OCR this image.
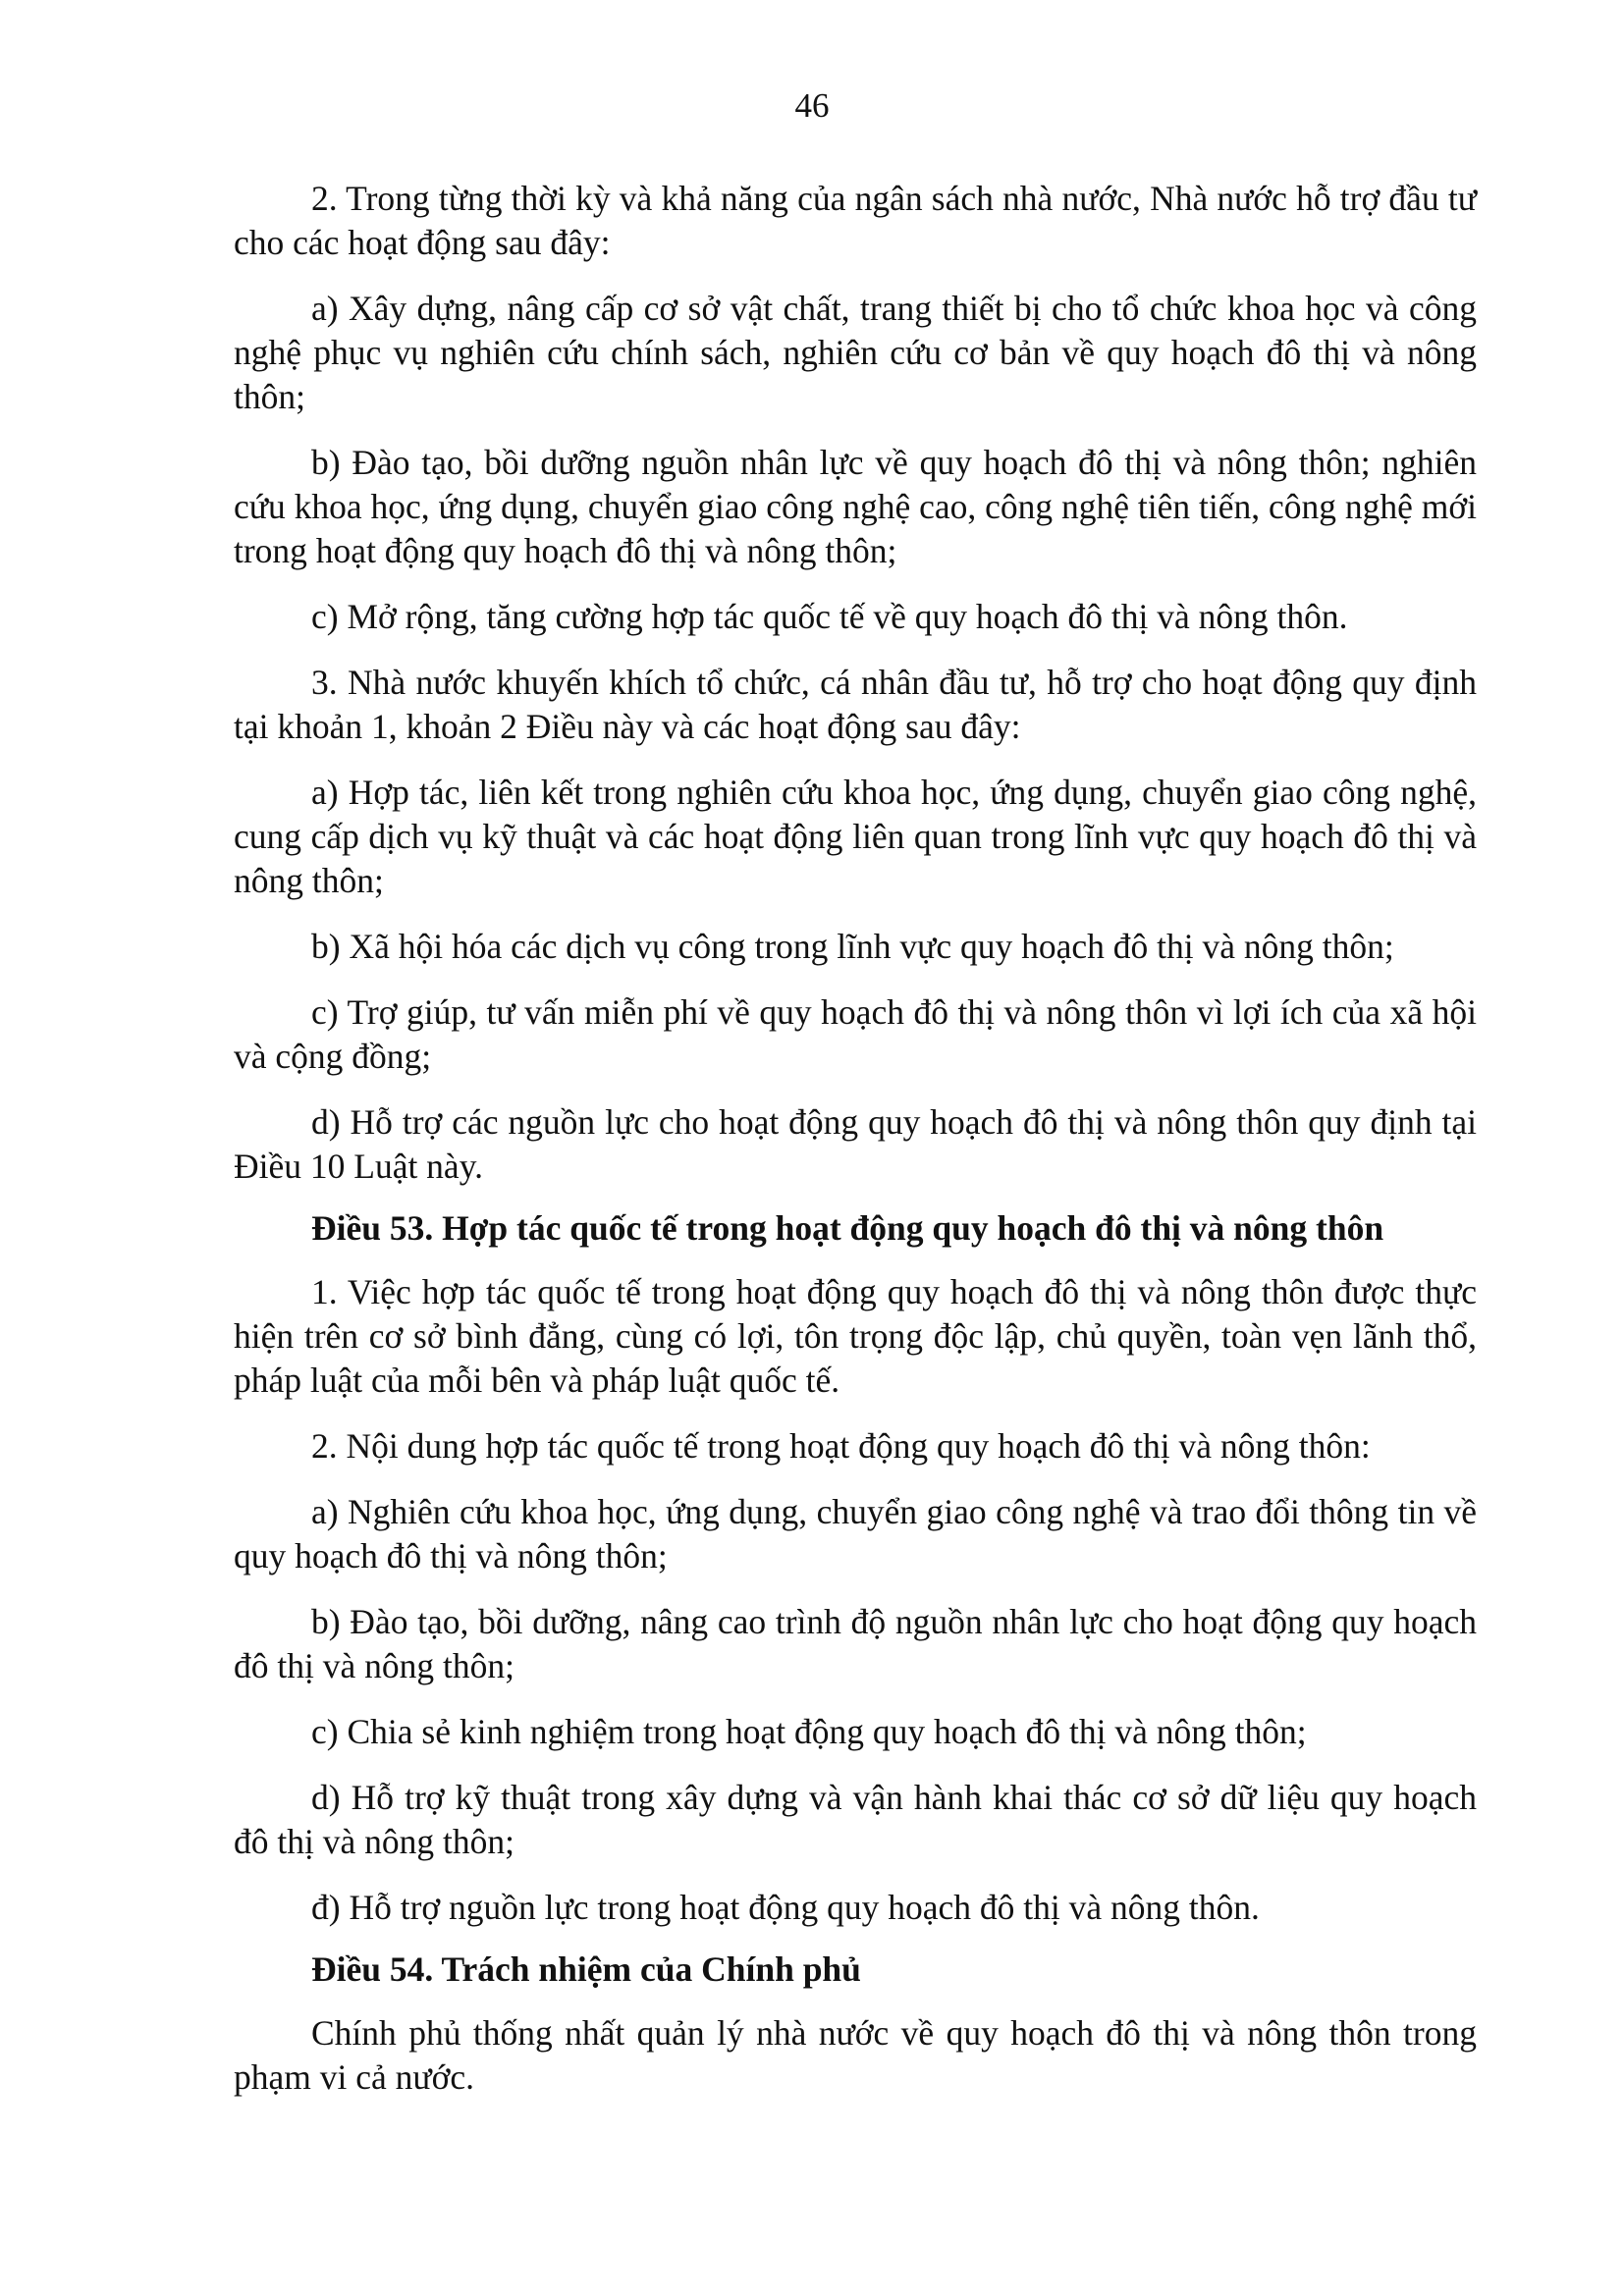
46

2. Trong từng thời kỳ và khả năng của ngân sách nhà nước, Nhà nước hỗ trợ đầu tư cho các hoạt động sau đây:

a) Xây dựng, nâng cấp cơ sở vật chất, trang thiết bị cho tổ chức khoa học và công nghệ phục vụ nghiên cứu chính sách, nghiên cứu cơ bản về quy hoạch đô thị và nông thôn;

b) Đào tạo, bồi dưỡng nguồn nhân lực về quy hoạch đô thị và nông thôn; nghiên cứu khoa học, ứng dụng, chuyển giao công nghệ cao, công nghệ tiên tiến, công nghệ mới trong hoạt động quy hoạch đô thị và nông thôn;

c) Mở rộng, tăng cường hợp tác quốc tế về quy hoạch đô thị và nông thôn.

3. Nhà nước khuyến khích tổ chức, cá nhân đầu tư, hỗ trợ cho hoạt động quy định tại khoản 1, khoản 2 Điều này và các hoạt động sau đây:

a) Hợp tác, liên kết trong nghiên cứu khoa học, ứng dụng, chuyển giao công nghệ, cung cấp dịch vụ kỹ thuật và các hoạt động liên quan trong lĩnh vực quy hoạch đô thị và nông thôn;

b) Xã hội hóa các dịch vụ công trong lĩnh vực quy hoạch đô thị và nông thôn;

c) Trợ giúp, tư vấn miễn phí về quy hoạch đô thị và nông thôn vì lợi ích của xã hội và cộng đồng;

d) Hỗ trợ các nguồn lực cho hoạt động quy hoạch đô thị và nông thôn quy định tại Điều 10 Luật này.

Điều 53. Hợp tác quốc tế trong hoạt động quy hoạch đô thị và nông thôn

1. Việc hợp tác quốc tế trong hoạt động quy hoạch đô thị và nông thôn được thực hiện trên cơ sở bình đẳng, cùng có lợi, tôn trọng độc lập, chủ quyền, toàn vẹn lãnh thổ, pháp luật của mỗi bên và pháp luật quốc tế.

2. Nội dung hợp tác quốc tế trong hoạt động quy hoạch đô thị và nông thôn:

a) Nghiên cứu khoa học, ứng dụng, chuyển giao công nghệ và trao đổi thông tin về quy hoạch đô thị và nông thôn;

b) Đào tạo, bồi dưỡng, nâng cao trình độ nguồn nhân lực cho hoạt động quy hoạch đô thị và nông thôn;

c) Chia sẻ kinh nghiệm trong hoạt động quy hoạch đô thị và nông thôn;

d) Hỗ trợ kỹ thuật trong xây dựng và vận hành khai thác cơ sở dữ liệu quy hoạch đô thị và nông thôn;

đ) Hỗ trợ nguồn lực trong hoạt động quy hoạch đô thị và nông thôn.

Điều 54. Trách nhiệm của Chính phủ

Chính phủ thống nhất quản lý nhà nước về quy hoạch đô thị và nông thôn trong phạm vi cả nước.
